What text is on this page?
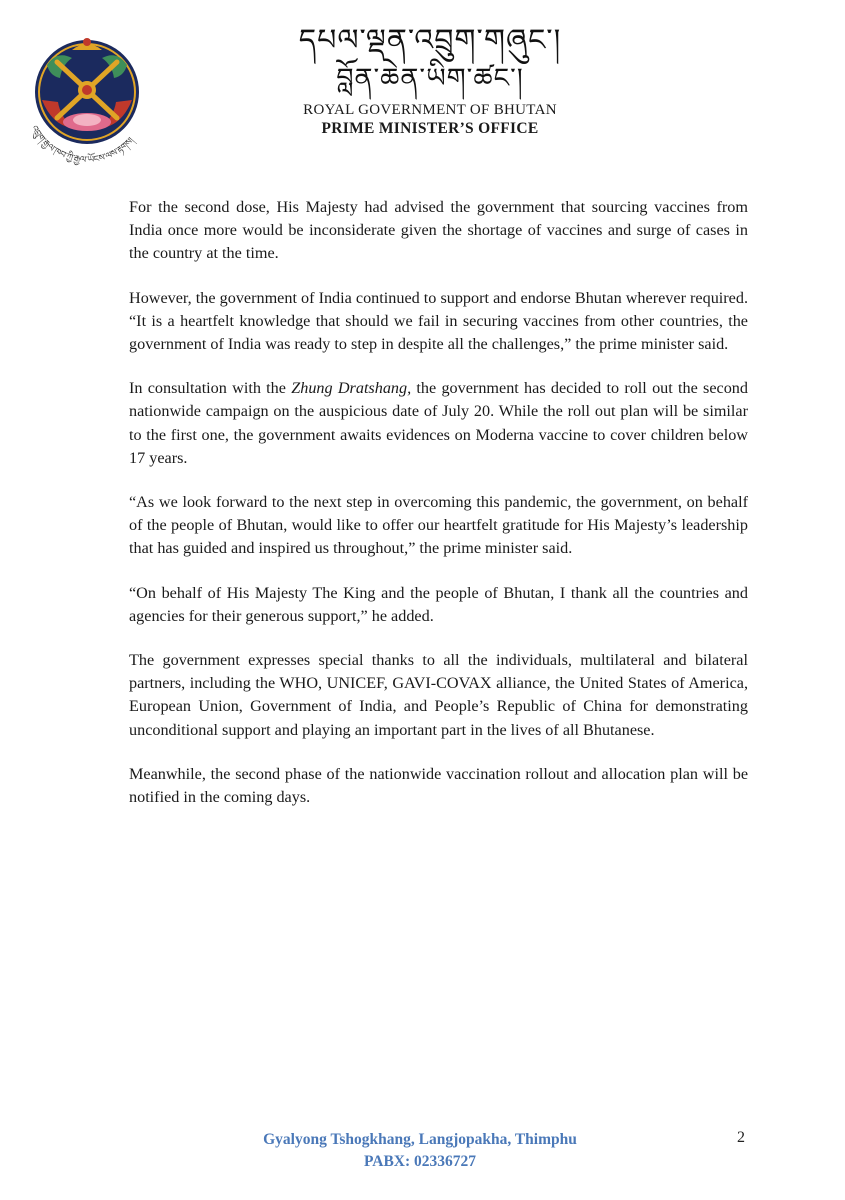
འབྲུག་རྒྱལ་ཁབ་ཀྱི་རྒྱལ་ཡོངས་ལས་རྟགས།
དཔལ་ལྡན་འབྲུག་གཞུང་།
བློན་ཆེན་ཡིག་ཚང་།
ROYAL GOVERNMENT OF BHUTAN
PRIME MINISTER’S OFFICE

For the second dose, His Majesty had advised the government that sourcing vaccines from India once more would be inconsiderate given the shortage of vaccines and surge of cases in the country at the time.

However, the government of India continued to support and endorse Bhutan wherever required. “It is a heartfelt knowledge that should we fail in securing vaccines from other countries, the government of India was ready to step in despite all the challenges,” the prime minister said.

In consultation with the Zhung Dratshang, the government has decided to roll out the second nationwide campaign on the auspicious date of July 20. While the roll out plan will be similar to the first one, the government awaits evidences on Moderna vaccine to cover children below 17 years.

“As we look forward to the next step in overcoming this pandemic, the government, on behalf of the people of Bhutan, would like to offer our heartfelt gratitude for His Majesty’s leadership that has guided and inspired us throughout,” the prime minister said.

“On behalf of His Majesty The King and the people of Bhutan, I thank all the countries and agencies for their generous support,” he added.

The government expresses special thanks to all the individuals, multilateral and bilateral partners, including the WHO, UNICEF, GAVI-COVAX alliance, the United States of America, European Union, Government of India, and People’s Republic of China for demonstrating unconditional support and playing an important part in the lives of all Bhutanese.

Meanwhile, the second phase of the nationwide vaccination rollout and allocation plan will be notified in the coming days.

Gyalyong Tshogkhang, Langjopakha, Thimphu
PABX: 02336727
2
